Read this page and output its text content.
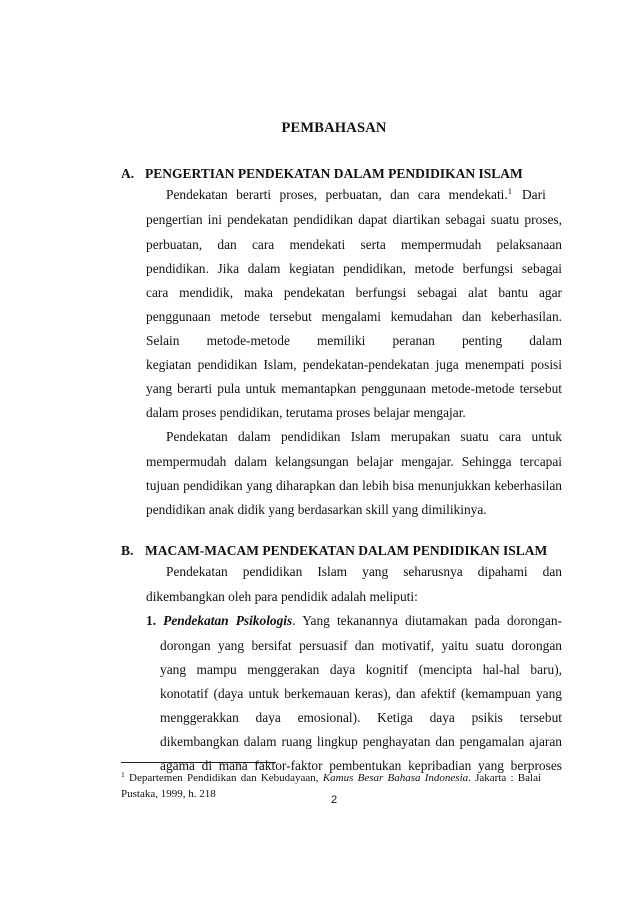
PEMBAHASAN
A. PENGERTIAN PENDEKATAN DALAM PENDIDIKAN ISLAM
Pendekatan berarti proses, perbuatan, dan cara mendekati.$^1$ Dari
pengertian ini pendekatan pendidikan dapat diartikan sebagai suatu proses,
perbuatan, dan cara mendekati serta mempermudah pelaksanaan
pendidikan. Jika dalam kegiatan pendidikan, metode berfungsi sebagai
cara mendidik, maka pendekatan berfungsi sebagai alat bantu agar
penggunaan metode tersebut mengalami kemudahan dan keberhasilan.
Selain metode-metode memiliki peranan penting dalam
kegiatan pendidikan Islam, pendekatan-pendekatan juga menempati posisi
yang berarti pula untuk memantapkan penggunaan metode-metode tersebut
dalam proses pendidikan, terutama proses belajar mengajar.
Pendekatan dalam pendidikan Islam merupakan suatu cara untuk
mempermudah dalam kelangsungan belajar mengajar. Sehingga tercapai
tujuan pendidikan yang diharapkan dan lebih bisa menunjukkan keberhasilan
pendidikan anak didik yang berdasarkan skill yang dimilikinya.
B. MACAM-MACAM PENDEKATAN DALAM PENDIDIKAN ISLAM
Pendekatan pendidikan Islam yang seharusnya dipahami dan
dikembangkan oleh para pendidik adalah meliputi:
1. Pendekatan Psikologis. Yang tekanannya diutamakan pada dorongan-
dorongan yang bersifat persuasif dan motivatif, yaitu suatu dorongan
yang mampu menggerakan daya kognitif (mencipta hal-hal baru),
konotatif (daya untuk berkemauan keras), dan afektif (kemampuan yang
menggerakkan daya emosional). Ketiga daya psikis tersebut
dikembangkan dalam ruang lingkup penghayatan dan pengamalan ajaran
agama di mana faktor-faktor pembentukan kepribadian yang berproses
$^1$ Departemen Pendidikan dan Kebudayaan, Kamus Besar Bahasa Indonesia. Jakarta : Balai
Pustaka, 1999, h. 218	2
